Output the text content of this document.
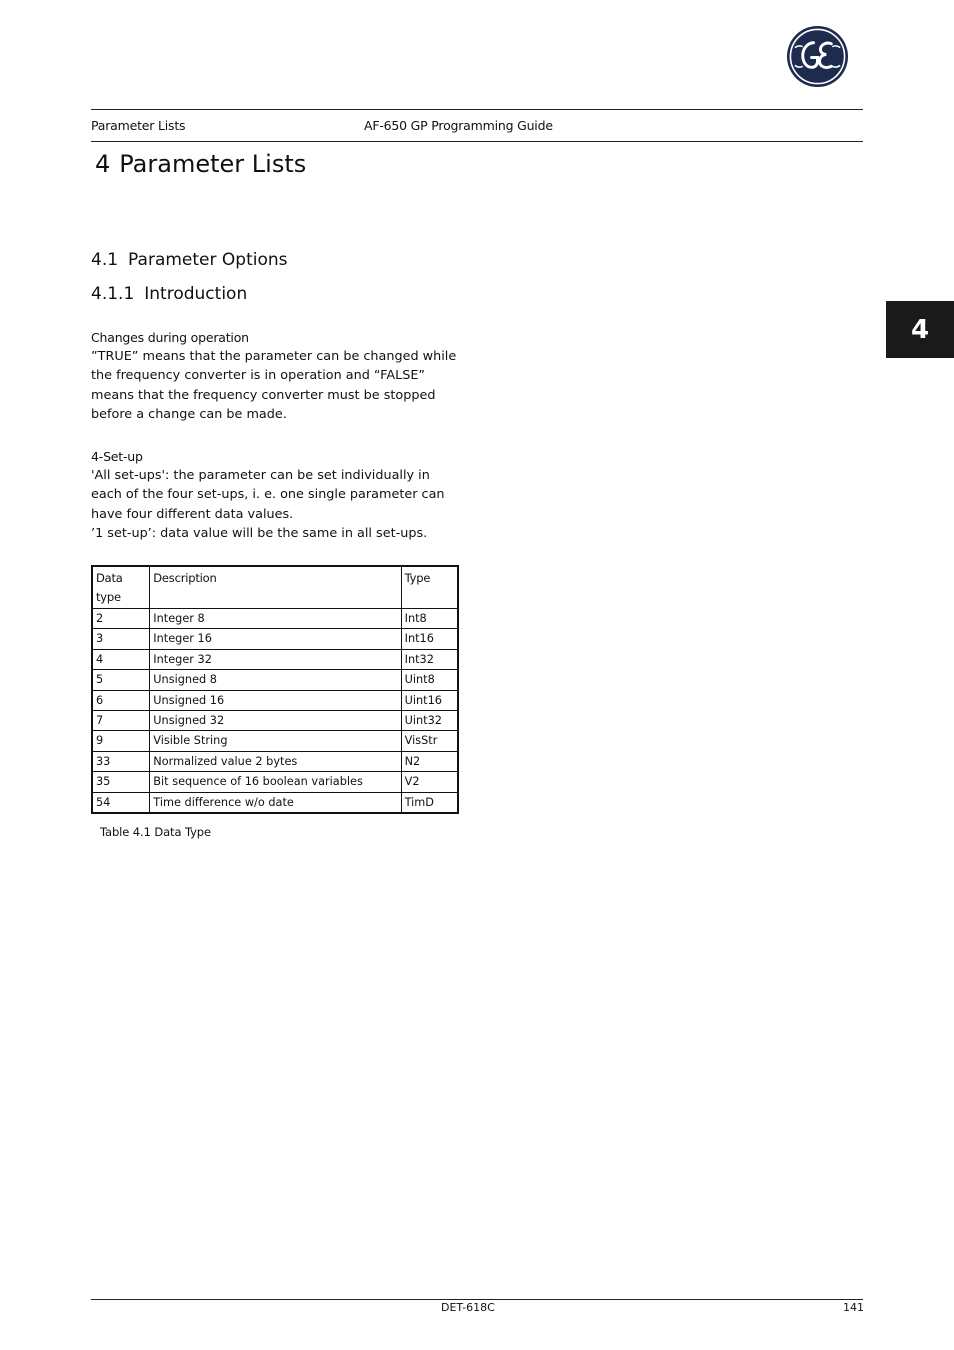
Parameter Lists	AF-650 GP Programming Guide
4 Parameter Lists
4
4.1 Parameter Options
4.1.1 Introduction
Changes during operation

”TRUE” means that the parameter can be changed while the frequency converter is in operation and “FALSE” means that the frequency converter must be stopped before a change can be made.

4-Set-up

'All set-ups': the parameter can be set individually in each of the four set-ups, i. e. one single parameter can have four different data values.

’1 set-up’: data value will be the same in all set-ups.

Data type	Description	Type
2	Integer 8	Int8
3	Integer 16	Int16
4	Integer 32	Int32
5	Unsigned 8	Uint8
6	Unsigned 16	Uint16
7	Unsigned 32	Uint32
9	Visible String	VisStr
33	Normalized value 2 bytes	N2
35	Bit sequence of 16 boolean variables	V2
54	Time difference w/o date	TimD
Table 4.1 Data Type
DET-618C	141
